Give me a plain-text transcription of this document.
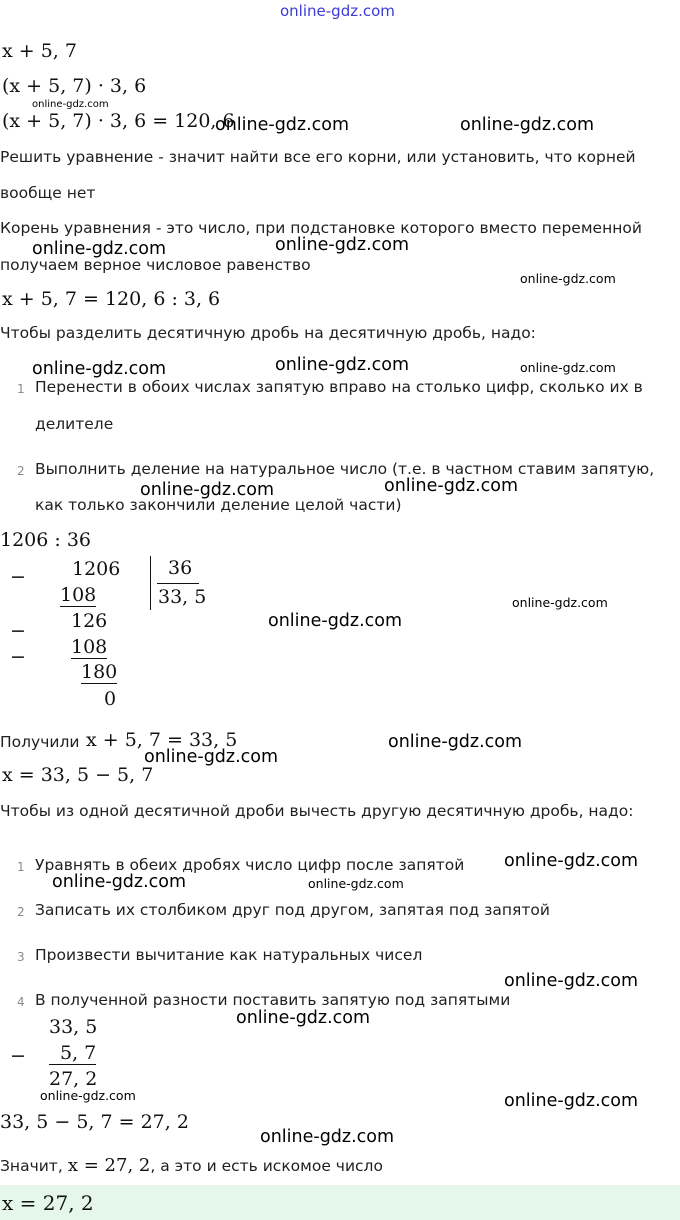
online-gdz.com
x + 5, 7
(x + 5, 7) · 3, 6
(x + 5, 7) · 3, 6 = 120, 6
Решить уравнение - значит найти все его корни, или установить, что корней
вообще нет
Корень уравнения - это число, при подстановке которого вместо переменной
получаем верное числовое равенство
x + 5, 7 = 120, 6 : 3, 6
Чтобы разделить десятичную дробь на десятичную дробь, надо:
1 Перенести в обоих числах запятую вправо на столько цифр, сколько их в
делителе
2 Выполнить деление на натуральное число (т.е. в частном ставим запятую,
как только закончили деление целой части)
1206 : 36
− 1206	36
33, 5
108
− 126
− 108
180
0
Получили x + 5, 7 = 33, 5
x = 33, 5 − 5, 7
Чтобы из одной десятичной дроби вычесть другую десятичную дробь, надо:
1 Уравнять в обеих дробях число цифр после запятой
2 Записать их столбиком друг под другом, запятая под запятой
3 Произвести вычитание как натуральных чисел
4 В полученной разности поставить запятую под запятыми
33, 5
−	5, 7
27, 2
33, 5 − 5, 7 = 27, 2
Значит, x = 27, 2, а это и есть искомое число
x = 27, 2
online-gdz.com
online-gdz.com	online-gdz.com
online-gdz.com	online-gdz.com
online-gdz.com
online-gdz.com	online-gdz.com	online-gdz.com
online-gdz.com	online-gdz.com
online-gdz.com
online-gdz.com
online-gdz.com
online-gdz.com
online-gdz.com
online-gdz.com	online-gdz.com
online-gdz.com
online-gdz.com
online-gdz.com	online-gdz.com
online-gdz.com
